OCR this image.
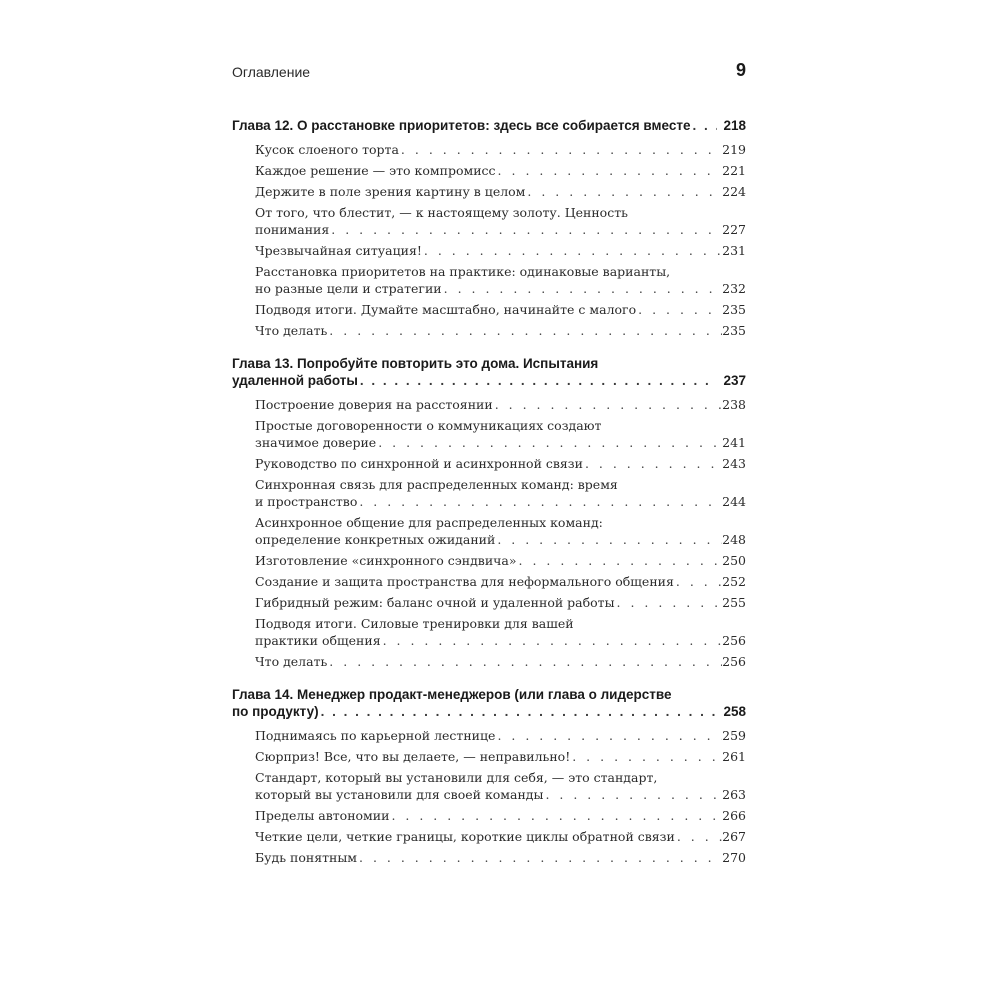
Оглавление	9
Глава 12. О расстановке приоритетов: здесь все собирается вместе . . .	218
Кусок слоеного торта . . .	219
Каждое решение — это компромисс . . .	221
Держите в поле зрения картину в целом . . .	224
От того, что блестит, — к настоящему золоту. Ценность
понимания . . .	227
Чрезвычайная ситуация! . . .	231
Расстановка приоритетов на практике: одинаковые варианты,
но разные цели и стратегии . . .	232
Подводя итоги. Думайте масштабно, начинайте с малого . . .	235
Что делать . . .	235
Глава 13. Попробуйте повторить это дома. Испытания
удаленной работы . . .	237
Построение доверия на расстоянии . . .	238
Простые договоренности о коммуникациях создают
значимое доверие . . .	241
Руководство по синхронной и асинхронной связи . . .	243
Синхронная связь для распределенных команд: время
и пространство . . .	244
Асинхронное общение для распределенных команд:
определение конкретных ожиданий . . .	248
Изготовление «синхронного сэндвича» . . .	250
Создание и защита пространства для неформального общения . . .	252
Гибридный режим: баланс очной и удаленной работы . . .	255
Подводя итоги. Силовые тренировки для вашей
практики общения . . .	256
Что делать . . .	256
Глава 14. Менеджер продакт-менеджеров (или глава о лидерстве
по продукту) . . .	258
Поднимаясь по карьерной лестнице . . .	259
Сюрприз! Все, что вы делаете, — неправильно! . . .	261
Стандарт, который вы установили для себя, — это стандарт,
который вы установили для своей команды . . .	263
Пределы автономии . . .	266
Четкие цели, четкие границы, короткие циклы обратной связи . . .	267
Будь понятным . . .	270
